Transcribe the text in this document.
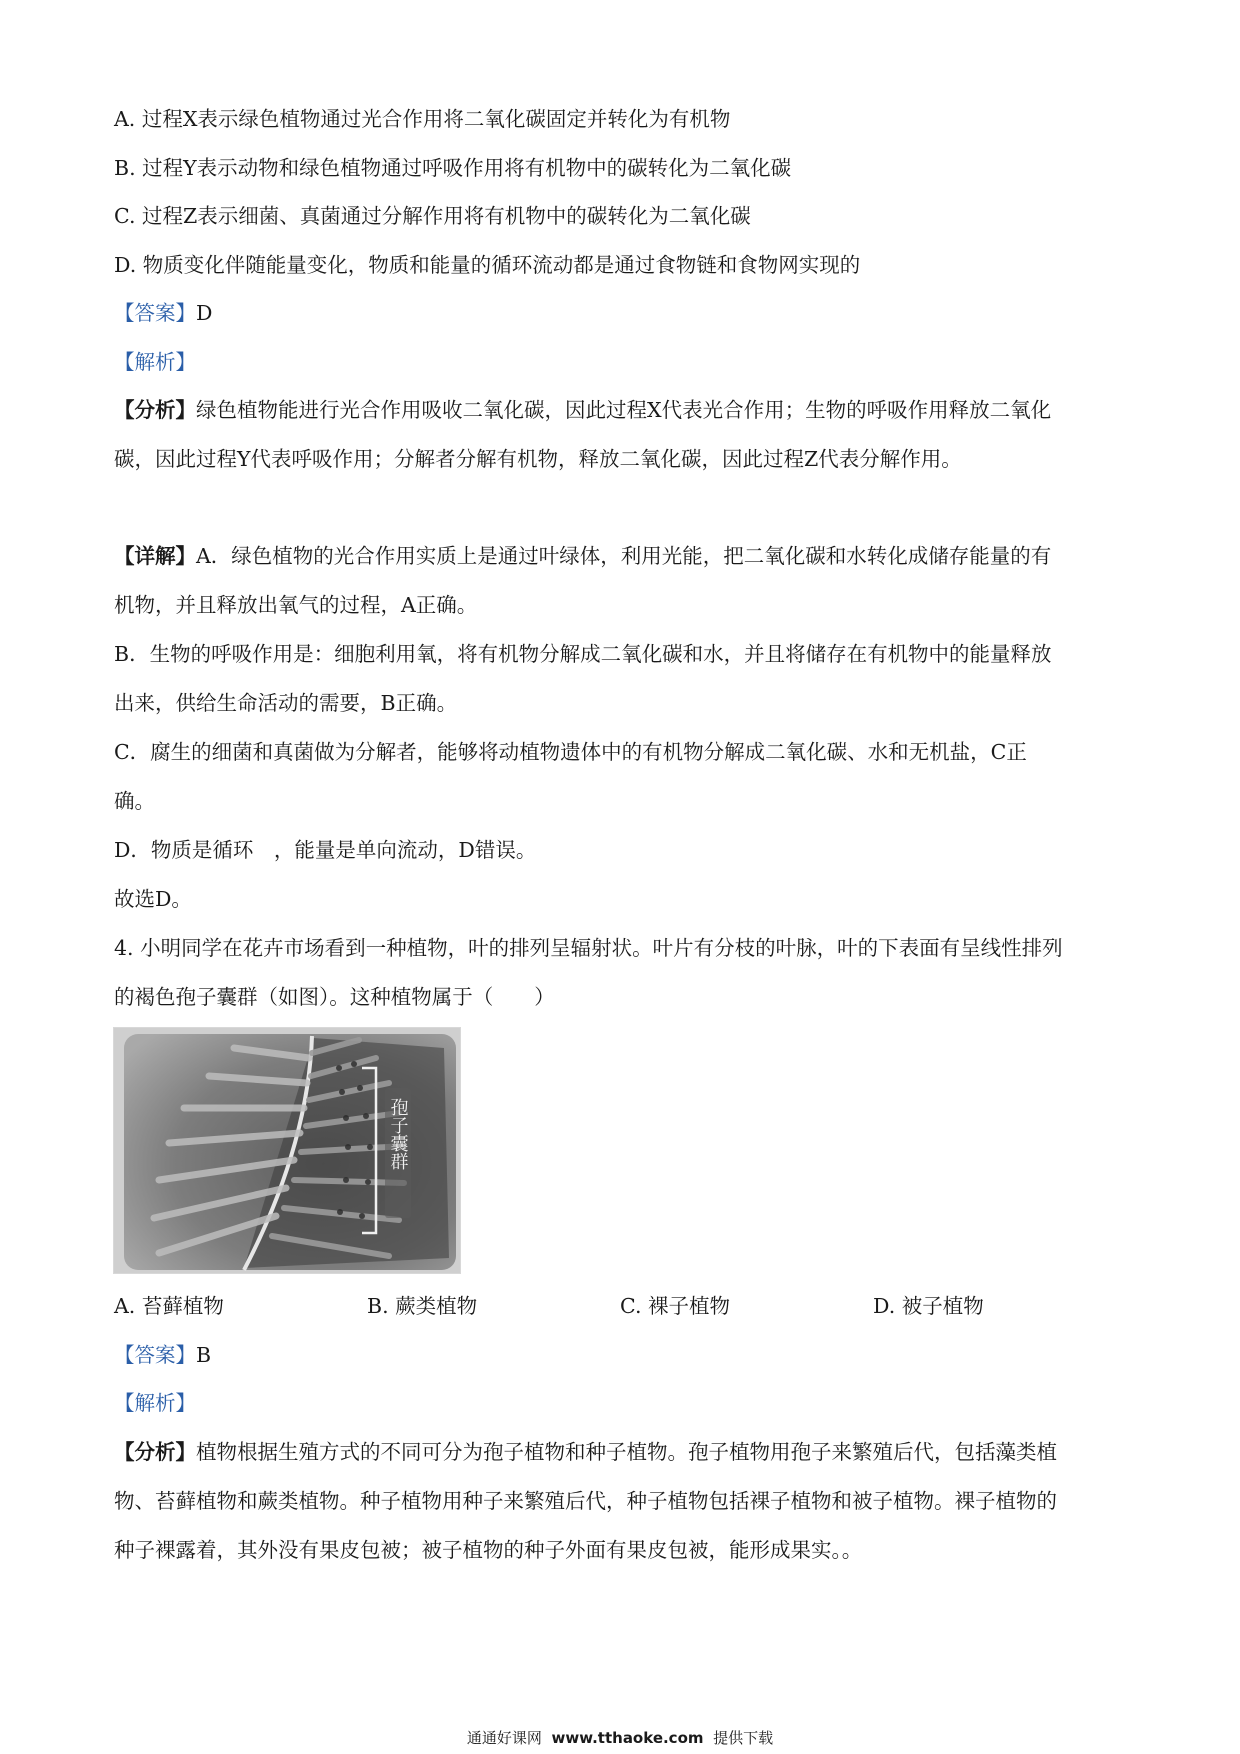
A. 过程X表示绿色植物通过光合作用将二氧化碳固定并转化为有机物
B. 过程Y表示动物和绿色植物通过呼吸作用将有机物中的碳转化为二氧化碳
C. 过程Z表示细菌、真菌通过分解作用将有机物中的碳转化为二氧化碳
D. 物质变化伴随能量变化，物质和能量的循环流动都是通过食物链和食物网实现的
【答案】D
【解析】
【分析】绿色植物能进行光合作用吸收二氧化碳，因此过程X代表光合作用；生物的呼吸作用释放二氧化
碳，因此过程Y代表呼吸作用；分解者分解有机物，释放二氧化碳，因此过程Z代表分解作用。
【详解】A．绿色植物的光合作用实质上是通过叶绿体，利用光能，把二氧化碳和水转化成储存能量的有
机物，并且释放出氧气的过程，A正确。
B．生物的呼吸作用是：细胞利用氧，将有机物分解成二氧化碳和水，并且将储存在有机物中的能量释放
出来，供给生命活动的需要，B正确。
C．腐生的细菌和真菌做为分解者，能够将动植物遗体中的有机物分解成二氧化碳、水和无机盐，C正
确。
D．物质是循环　，能量是单向流动，D错误。
故选D。
4. 小明同学在花卉市场看到一种植物，叶的排列呈辐射状。叶片有分枝的叶脉，叶的下表面有呈线性排列
的褐色孢子囊群（如图）。这种植物属于（　　）
孢子囊群
A. 苔藓植物	B. 蕨类植物	C. 裸子植物	D. 被子植物
【答案】B
【解析】
【分析】植物根据生殖方式的不同可分为孢子植物和种子植物。孢子植物用孢子来繁殖后代，包括藻类植
物、苔藓植物和蕨类植物。种子植物用种子来繁殖后代，种子植物包括裸子植物和被子植物。裸子植物的
种子裸露着，其外没有果皮包被；被子植物的种子外面有果皮包被，能形成果实。。
通通好课网 www.tthaoke.com 提供下载
